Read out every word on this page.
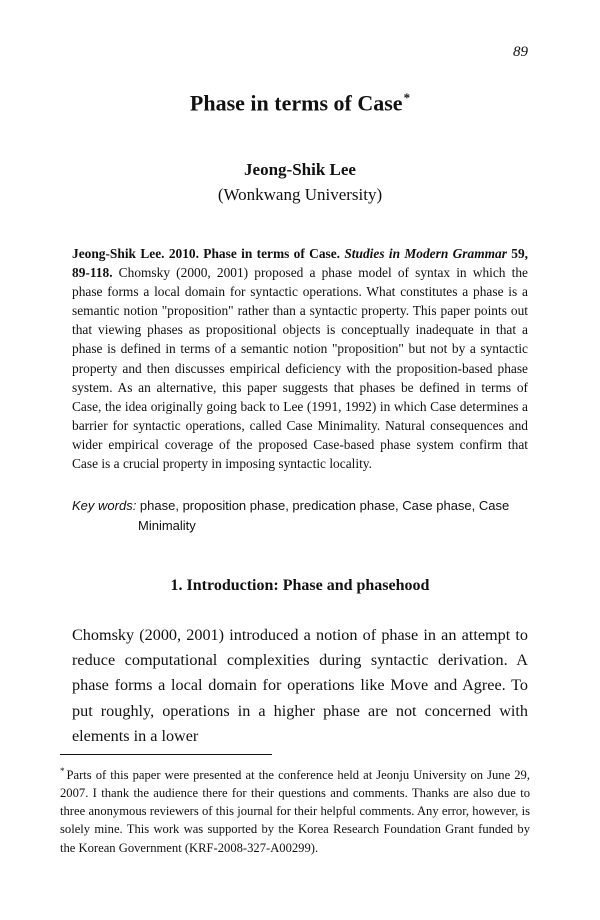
89
Phase in terms of Case*
Jeong-Shik Lee
(Wonkwang University)
Jeong-Shik Lee. 2010. Phase in terms of Case. Studies in Modern Grammar 59, 89-118. Chomsky (2000, 2001) proposed a phase model of syntax in which the phase forms a local domain for syntactic operations. What constitutes a phase is a semantic notion "proposition" rather than a syntactic property. This paper points out that viewing phases as propositional objects is conceptually inadequate in that a phase is defined in terms of a semantic notion "proposition" but not by a syntactic property and then discusses empirical deficiency with the proposition-based phase system. As an alternative, this paper suggests that phases be defined in terms of Case, the idea originally going back to Lee (1991, 1992) in which Case determines a barrier for syntactic operations, called Case Minimality. Natural consequences and wider empirical coverage of the proposed Case-based phase system confirm that Case is a crucial property in imposing syntactic locality.
Key words: phase, proposition phase, predication phase, Case phase, Case
Minimality
1. Introduction: Phase and phasehood
Chomsky (2000, 2001) introduced a notion of phase in an attempt to reduce computational complexities during syntactic derivation. A phase forms a local domain for operations like Move and Agree. To put roughly, operations in a higher phase are not concerned with elements in a lower
* Parts of this paper were presented at the conference held at Jeonju University on June 29, 2007. I thank the audience there for their questions and comments. Thanks are also due to three anonymous reviewers of this journal for their helpful comments. Any error, however, is solely mine. This work was supported by the Korea Research Foundation Grant funded by the Korean Government (KRF-2008-327-A00299).
